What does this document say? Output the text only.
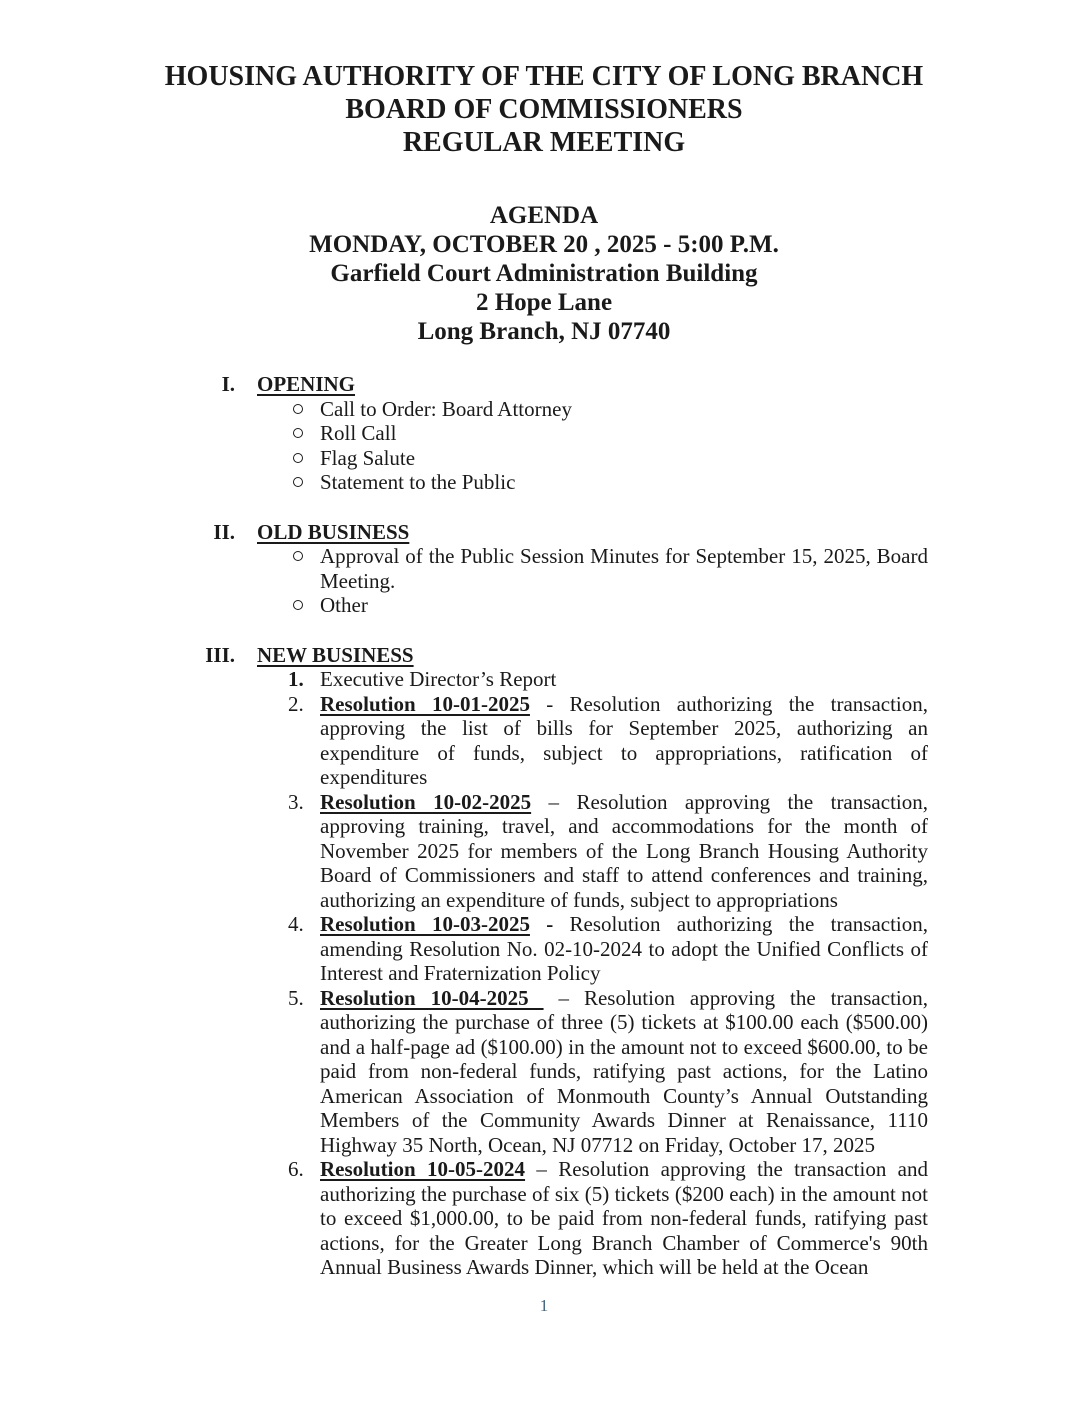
HOUSING AUTHORITY OF THE CITY OF LONG BRANCH
BOARD OF COMMISSIONERS
REGULAR MEETING
AGENDA
MONDAY, OCTOBER 20 , 2025 - 5:00 P.M.
Garfield Court Administration Building
2 Hope Lane
Long Branch, NJ 07740
I. OPENING

Call to Order: Board Attorney

Roll Call

Flag Salute

Statement to the Public

II. OLD BUSINESS

Approval of the Public Session Minutes for September 15, 2025, Board Meeting.

Other

III. NEW BUSINESS
1. Executive Director’s Report

2. Resolution 10-01-2025 - Resolution authorizing the transaction, approving the list of bills for September 2025, authorizing an expenditure of funds, subject to appropriations, ratification of expenditures

3. Resolution 10-02-2025 – Resolution approving the transaction, approving training, travel, and accommodations for the month of November 2025 for members of the Long Branch Housing Authority Board of Commissioners and staff to attend conferences and training, authorizing an expenditure of funds, subject to appropriations

4. Resolution 10-03-2025 - Resolution authorizing the transaction, amending Resolution No. 02-10-2024 to adopt the Unified Conflicts of Interest and Fraternization Policy

5. Resolution 10-04-2025  – Resolution approving the transaction, authorizing the purchase of three (5) tickets at $100.00 each ($500.00) and a half-page ad ($100.00) in the amount not to exceed $600.00, to be paid from non-federal funds, ratifying past actions, for the Latino American Association of Monmouth County’s Annual Outstanding Members of the Community Awards Dinner at Renaissance, 1110 Highway 35 North, Ocean, NJ 07712 on Friday, October 17, 2025

6. Resolution 10-05-2024 – Resolution approving the transaction and authorizing the purchase of six (5) tickets ($200 each) in the amount not to exceed $1,000.00, to be paid from non-federal funds, ratifying past actions, for the Greater Long Branch Chamber of Commerce's 90th Annual Business Awards Dinner, which will be held at the Ocean

1
